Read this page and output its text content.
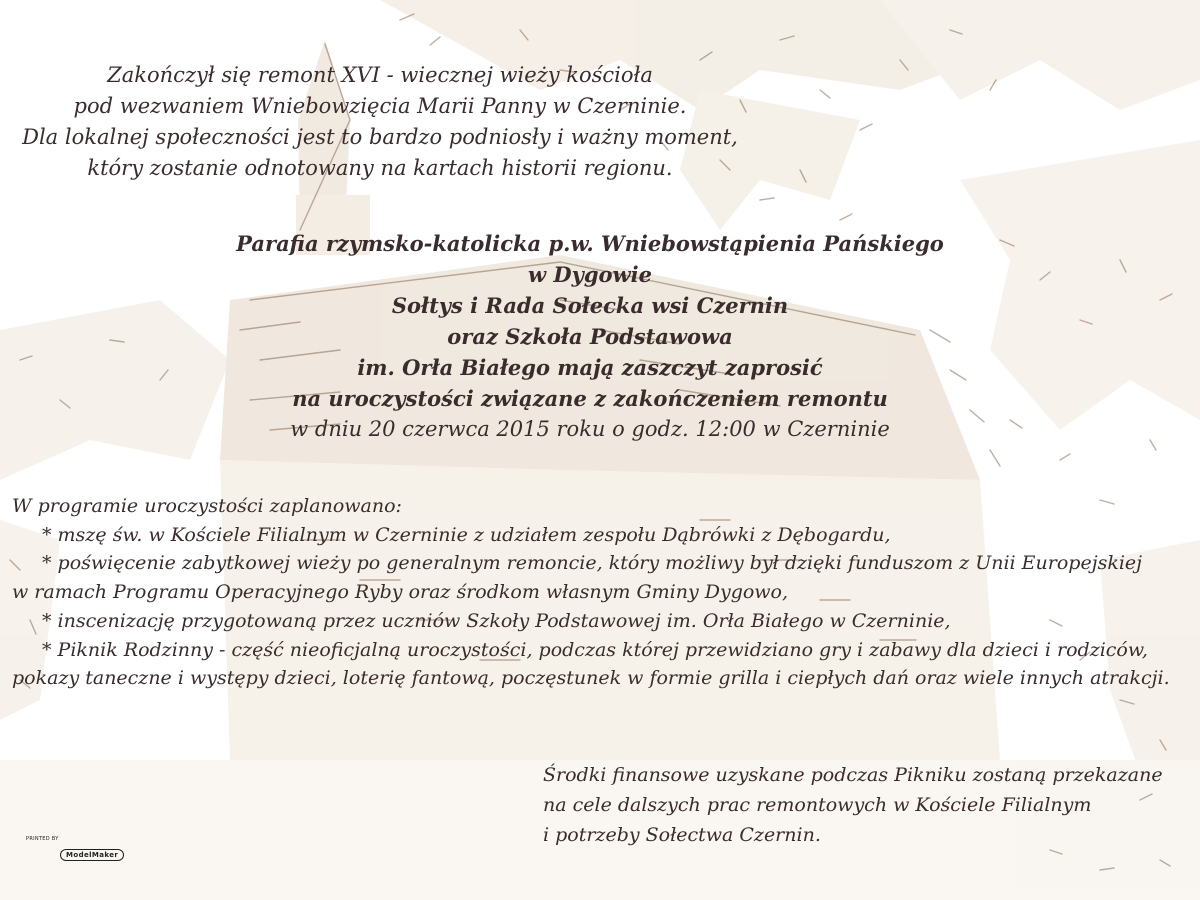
Zakończył się remont XVI - wiecznej wieży kościoła
pod wezwaniem Wniebowzięcia Marii Panny w Czerninie.
Dla lokalnej społeczności jest to bardzo podniosły i ważny moment,
który zostanie odnotowany na kartach historii regionu.
Parafia rzymsko-katolicka p.w. Wniebowstąpienia Pańskiego
w Dygowie
Sołtys i Rada Sołecka wsi Czernin
oraz Szkoła Podstawowa
im. Orła Białego mają zaszczyt zaprosić
na uroczystości związane z zakończeniem remontu
w dniu 20 czerwca 2015 roku o godz. 12:00 w Czerninie
W programie uroczystości zaplanowano:
* mszę św. w Kościele Filialnym w Czerninie z udziałem zespołu Dąbrówki z Dębogardu,
* poświęcenie zabytkowej wieży po generalnym remoncie, który możliwy był dzięki funduszom z Unii Europejskiej
w ramach Programu Operacyjnego Ryby oraz środkom własnym Gminy Dygowo,
* inscenizację przygotowaną przez uczniów Szkoły Podstawowej im. Orła Białego w Czerninie,
* Piknik Rodzinny - część nieoficjalną uroczystości, podczas której przewidziano gry i zabawy dla dzieci i rodziców,
pokazy taneczne i występy dzieci, loterię fantową, poczęstunek w formie grilla i ciepłych dań oraz wiele innych atrakcji.
Środki finansowe uzyskane podczas Pikniku zostaną przekazane
na cele dalszych prac remontowych w Kościele Filialnym
i potrzeby Sołectwa Czernin.
PRINTED BY
ModelMaker
